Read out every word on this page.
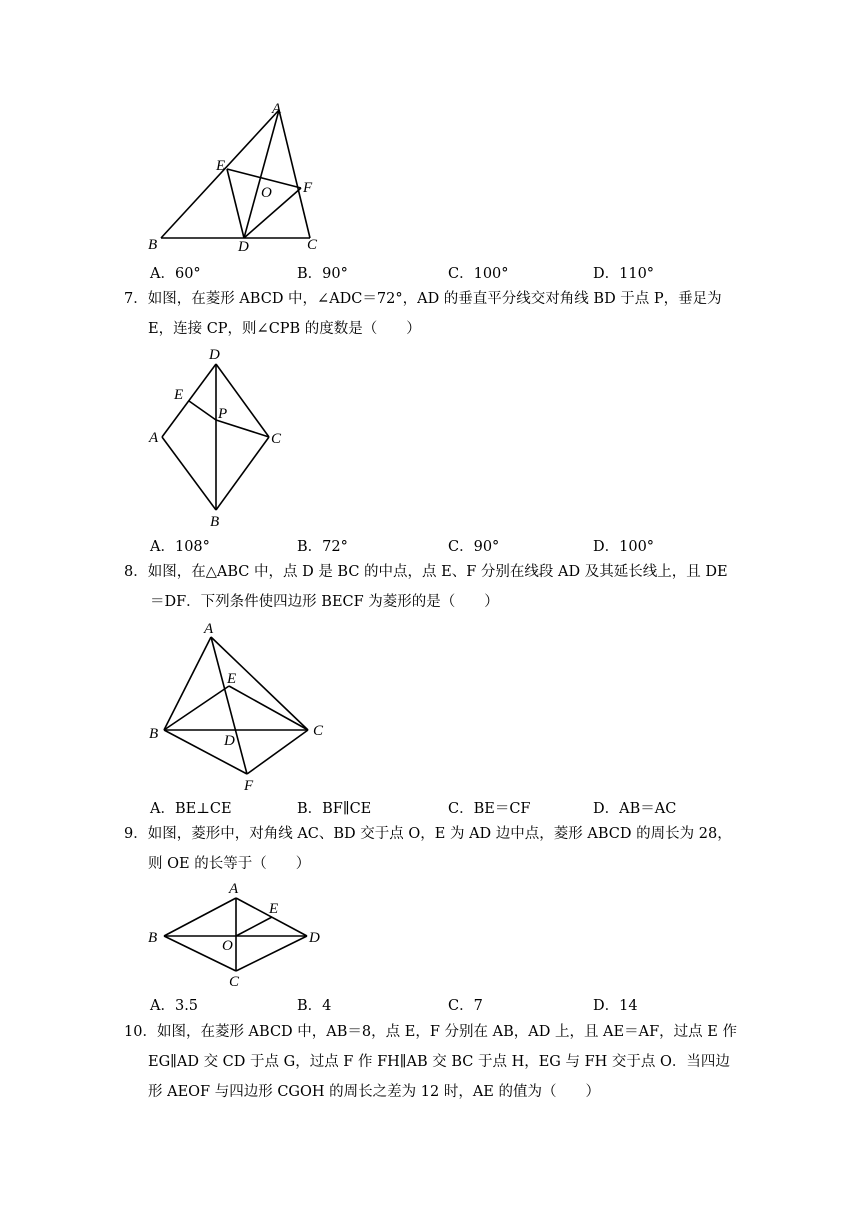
A
E
O F
B	D	C
A．60°	B．90°	C．100°	D．110°
7．如图，在菱形 ABCD 中，∠ADC＝72°，AD 的垂直平分线交对角线 BD 于点 P，垂足为
E，连接 CP，则∠CPB 的度数是（　　）
D
E
P
A	C
B
A．108°	B．72°	C．90°	D．100°
8．如图，在△ABC 中，点 D 是 BC 的中点，点 E、F 分别在线段 AD 及其延长线上，且 DE
＝DF．下列条件使四边形 BECF 为菱形的是（　　）
A
E
B	C
D
F
A．BE⊥CE	B．BF∥CE	C．BE＝CF	D．AB＝AC
9．如图，菱形中，对角线 AC、BD 交于点 O，E 为 AD 边中点，菱形 ABCD 的周长为 28，
则 OE 的长等于（　　）
A
E
B	O	D
C
A．3.5	B．4	C．7	D．14
10．如图，在菱形 ABCD 中，AB＝8，点 E，F 分别在 AB，AD 上，且 AE＝AF，过点 E 作
EG∥AD 交 CD 于点 G，过点 F 作 FH∥AB 交 BC 于点 H，EG 与 FH 交于点 O．当四边
形 AEOF 与四边形 CGOH 的周长之差为 12 时，AE 的值为（　　）
